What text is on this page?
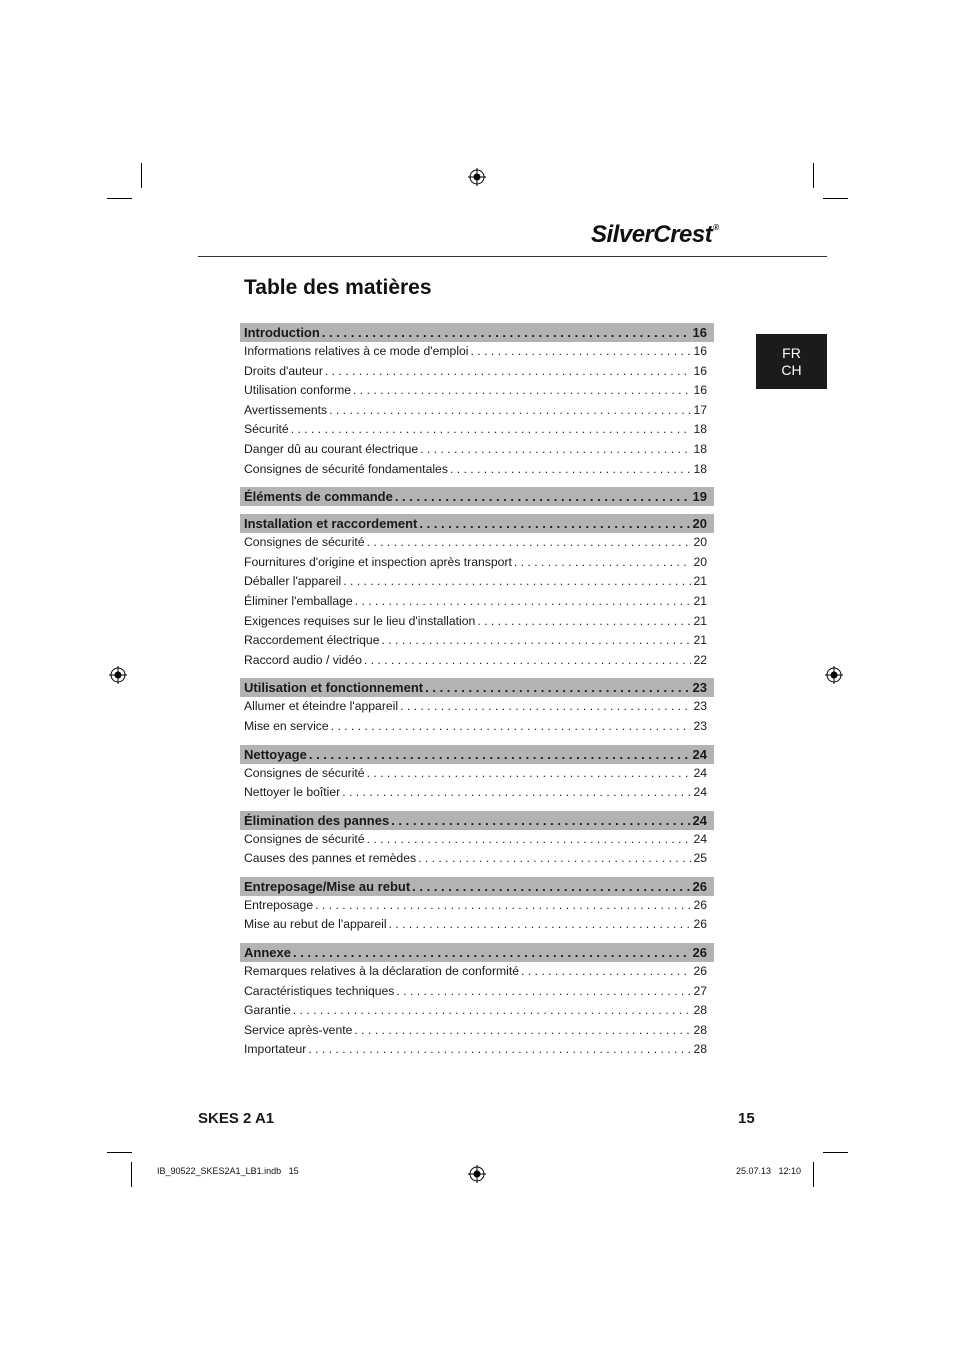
SilverCrest®
Table des matières
FR
CH
Introduction . . .	16
Informations relatives à ce mode d'emploi . . .	16
Droits d'auteur . . .	16
Utilisation conforme . . .	16
Avertissements . . .	17
Sécurité . . .	18
Danger dû au courant électrique . . .	18
Consignes de sécurité fondamentales . . .	18
Éléments de commande . . .	19
Installation et raccordement . . .	20
Consignes de sécurité . . .	20
Fournitures d'origine et inspection après transport . . .	20
Déballer l'appareil . . .	21
Éliminer l'emballage . . .	21
Exigences requises sur le lieu d'installation . . .	21
Raccordement électrique . . .	21
Raccord audio / vidéo . . .	22
Utilisation et fonctionnement . . .	23
Allumer et éteindre l'appareil . . .	23
Mise en service . . .	23
Nettoyage . . .	24
Consignes de sécurité . . .	24
Nettoyer le boîtier . . .	24
Élimination des pannes . . .	24
Consignes de sécurité . . .	24
Causes des pannes et remèdes . . .	25
Entreposage/Mise au rebut . . .	26
Entreposage . . .	26
Mise au rebut de l'appareil . . .	26
Annexe . . .	26
Remarques relatives à la déclaration de conformité . . .	26
Caractéristiques techniques . . .	27
Garantie . . .	28
Service après-vente . . .	28
Importateur . . .	28
SKES 2 A1	15
IB_90522_SKES2A1_LB1.indb   15	25.07.13   12:10
